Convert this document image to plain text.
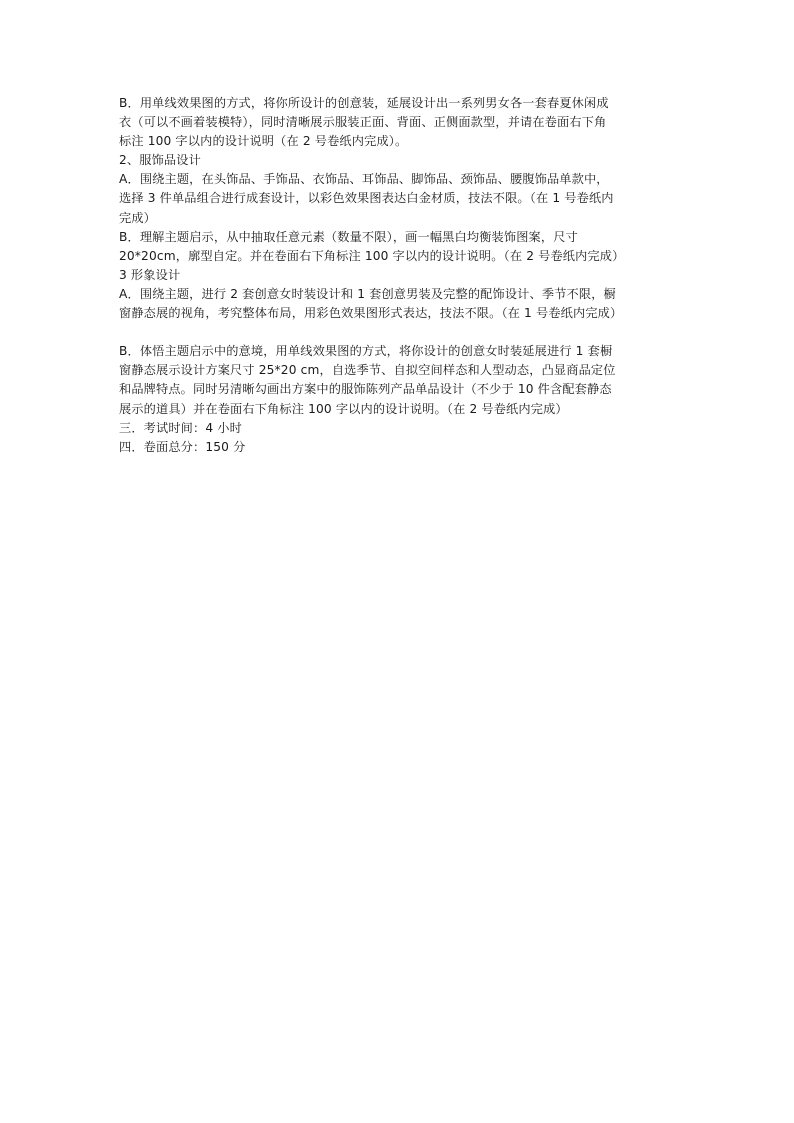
B．用单线效果图的方式，将你所设计的创意装，延展设计出一系列男女各一套春夏休闲成
衣（可以不画着装模特），同时清晰展示服装正面、背面、正侧面款型，并请在卷面右下角
标注 100 字以内的设计说明（在 2 号卷纸内完成）。
2、服饰品设计
A．围绕主题，在头饰品、手饰品、衣饰品、耳饰品、脚饰品、颈饰品、腰腹饰品单款中，
选择 3 件单品组合进行成套设计，以彩色效果图表达白金材质，技法不限。（在 1 号卷纸内
完成）
B．理解主题启示，从中抽取任意元素（数量不限），画一幅黑白均衡装饰图案，尺寸
20*20cm，廓型自定。并在卷面右下角标注 100 字以内的设计说明。（在 2 号卷纸内完成）
3 形象设计
A．围绕主题，进行 2 套创意女时装设计和 1 套创意男装及完整的配饰设计、季节不限，橱
窗静态展的视角，考究整体布局，用彩色效果图形式表达，技法不限。（在 1 号卷纸内完成）
B．体悟主题启示中的意境，用单线效果图的方式，将你设计的创意女时装延展进行 1 套橱
窗静态展示设计方案尺寸 25*20 cm，自选季节、自拟空间样态和人型动态，凸显商品定位
和品牌特点。同时另清晰勾画出方案中的服饰陈列产品单品设计（不少于 10 件含配套静态
展示的道具）并在卷面右下角标注 100 字以内的设计说明。（在 2 号卷纸内完成）
三．考试时间：4 小时
四．卷面总分：150 分
